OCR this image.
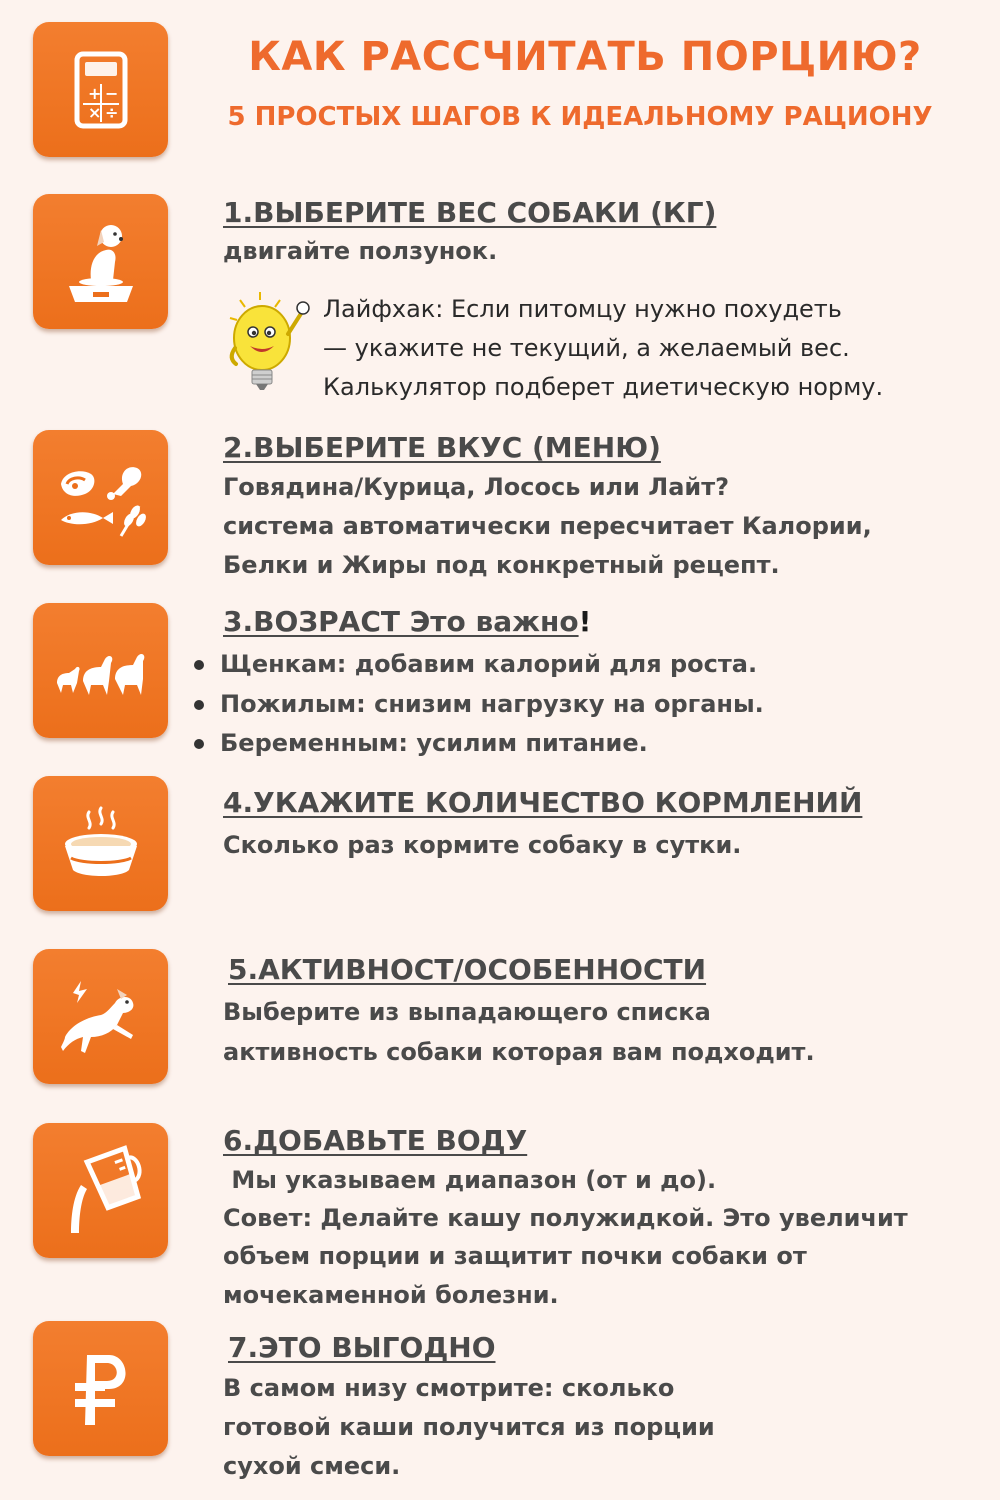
+ −
× ÷
КАК РАССЧИТАТЬ ПОРЦИЮ?
5 ПРОСТЫХ ШАГОВ К ИДЕАЛЬНОМУ РАЦИОНУ
1.ВЫБЕРИТЕ ВЕС СОБАКИ (КГ)

двигайте ползунок.

Лайфхак: Если питомцу нужно похудеть
— укажите не текущий, а желаемый вес.
Калькулятор подберет диетическую норму.

2.ВЫБЕРИТЕ ВКУС (МЕНЮ)

Говядина/Курица, Лосось или Лайт?

система автоматически пересчитает Калории,

Белки и Жиры под конкретный рецепт.

3.ВОЗРАСТ Это важно!
Щенкам: добавим калорий для роста.
Пожилым: снизим нагрузку на органы.
Беременным: усилим питание.
4.УКАЖИТЕ КОЛИЧЕСТВО КОРМЛЕНИЙ

Сколько раз кормите собаку в сутки.

5.АКТИВНОСТ/ОСОБЕННОСТИ

Выберите из выпадающего списка

активность собаки которая вам подходит.

6.ДОБАВЬТЕ ВОДУ

Мы указываем диапазон (от и до).

Совет: Делайте кашу полужидкой. Это увеличит

объем порции и защитит почки собаки от

мочекаменной болезни.

7.ЭТО ВЫГОДНО

В самом низу смотрите: сколько

готовой каши получится из порции

сухой смеси.
